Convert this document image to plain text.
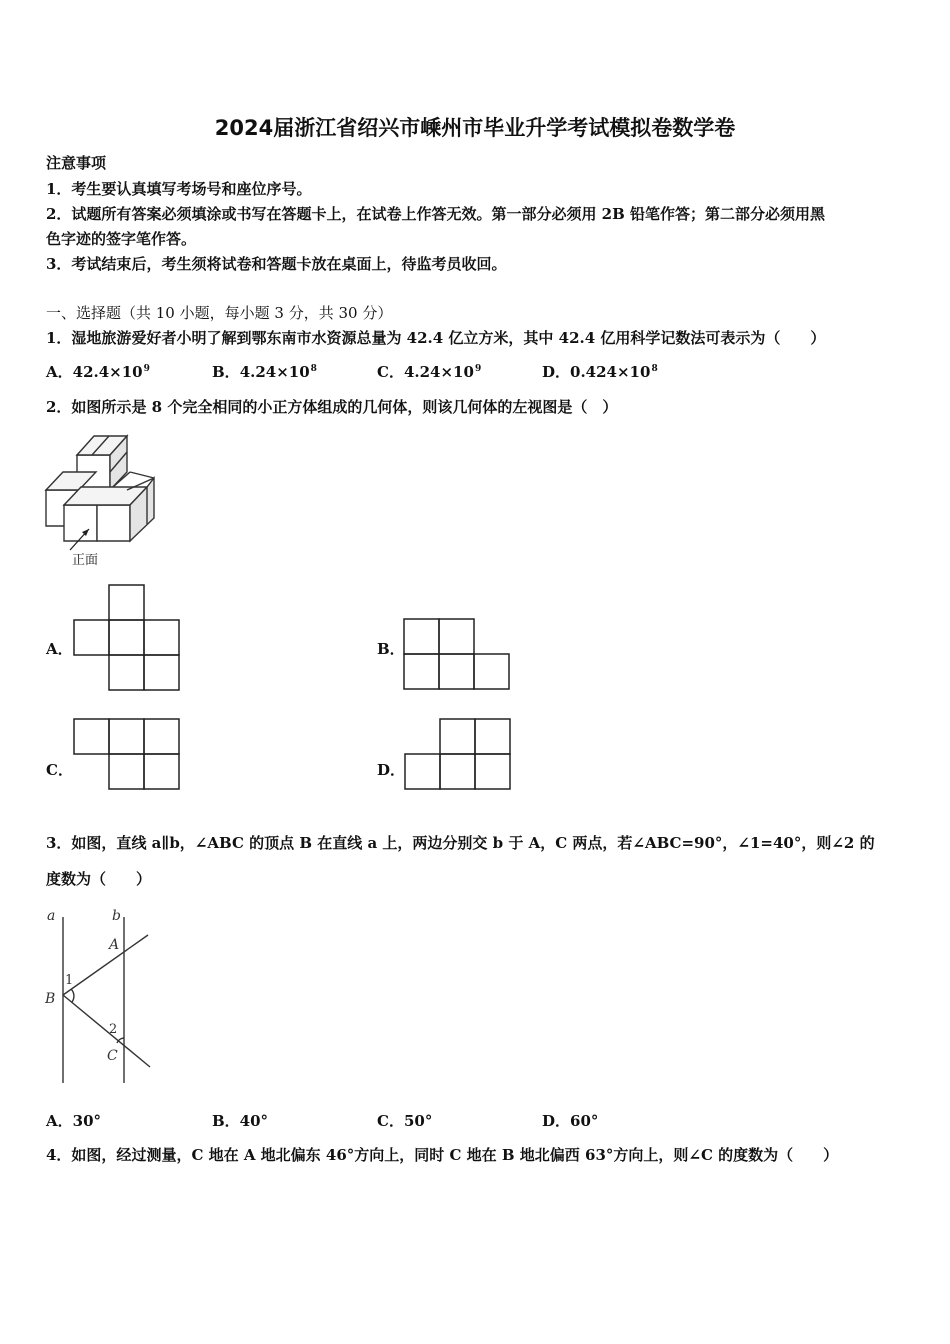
2024届浙江省绍兴市嵊州市毕业升学考试模拟卷数学卷
注意事项
1．考生要认真填写考场号和座位序号。
2．试题所有答案必须填涂或书写在答题卡上，在试卷上作答无效。第一部分必须用 2B 铅笔作答；第二部分必须用黑
色字迹的签字笔作答。
3．考试结束后，考生须将试卷和答题卡放在桌面上，待监考员收回。
一、选择题（共 10 小题，每小题 3 分，共 30 分）
1．湿地旅游爱好者小明了解到鄂东南市水资源总量为 42.4 亿立方米，其中 42.4 亿用科学记数法可表示为（　　）
A．$42.4\times 10^9$	B．$4.24\times 10^8$	C．$4.24\times 10^9$	D．$0.424\times 10^8$
2．如图所示是 8 个完全相同的小正方体组成的几何体，则该几何体的左视图是（　）
正面
A．	B．
C．	D．
3．如图，直线 a∥b，∠ABC 的顶点 B 在直线 a 上，两边分别交 b 于 A，C 两点，若∠ABC=90°，∠1=40°，则∠2 的
度数为（　　）
a	b
A
B
C
1
2
A．30°	B．40°	C．50°	D．60°
4．如图，经过测量，C 地在 A 地北偏东 46°方向上，同时 C 地在 B 地北偏西 63°方向上，则∠C 的度数为（　　）
